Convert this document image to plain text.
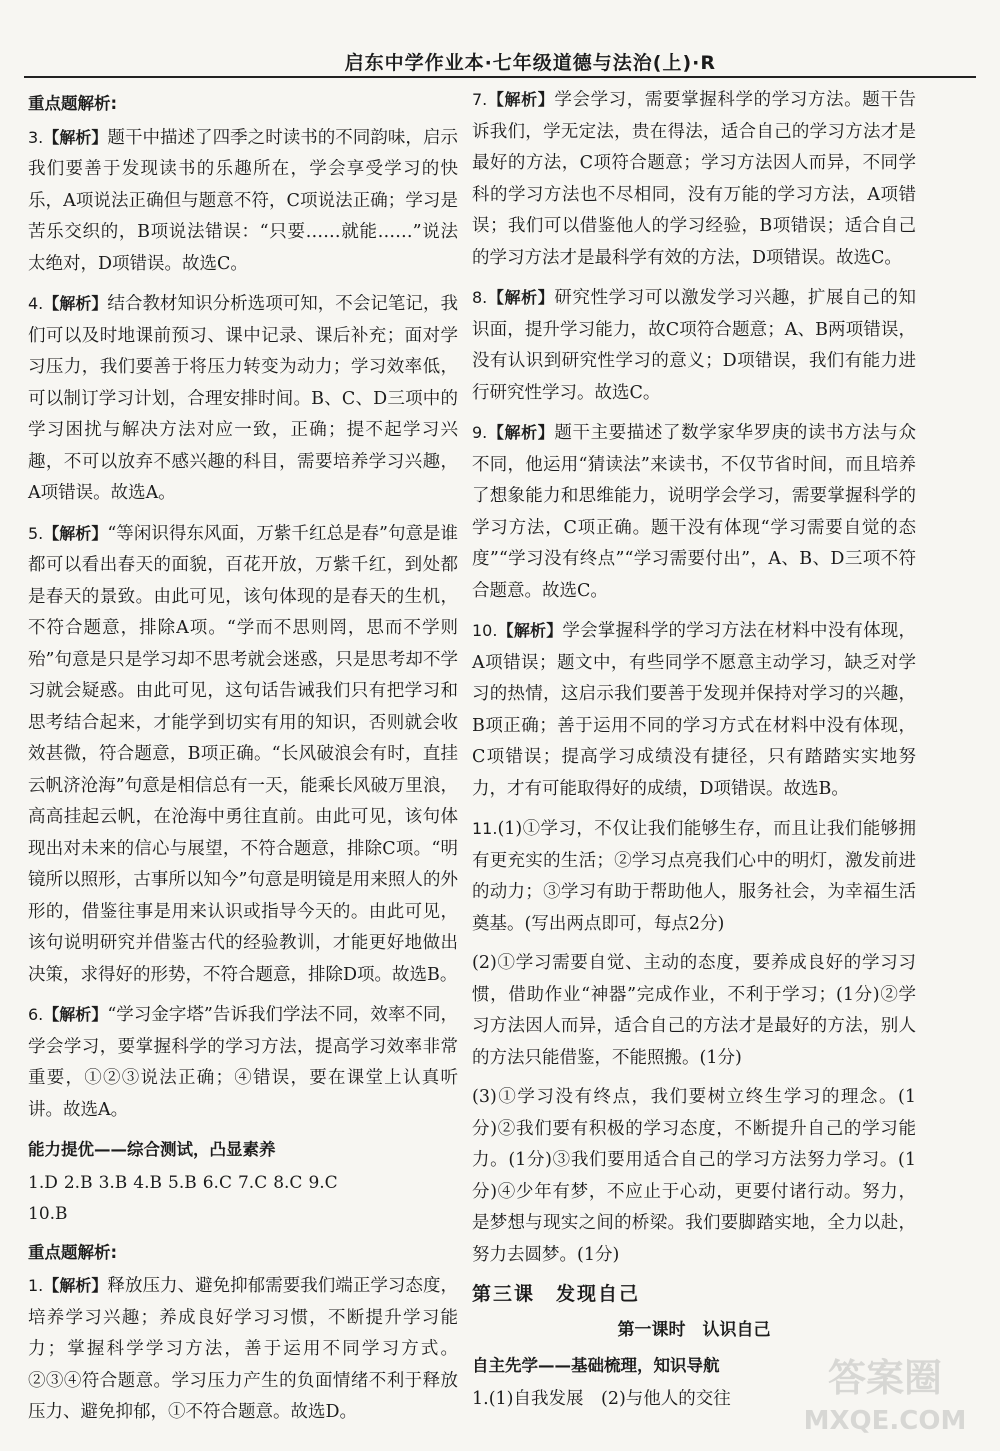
启东中学作业本·七年级道德与法治(上)·R
重点题解析:
3.【解析】题干中描述了四季之时读书的不同韵味，启示我们要善于发现读书的乐趣所在，学会享受学习的快乐，A项说法正确但与题意不符，C项说法正确；学习是苦乐交织的，B项说法错误：“只要……就能……”说法太绝对，D项错误。故选C。
4.【解析】结合教材知识分析选项可知，不会记笔记，我们可以及时地课前预习、课中记录、课后补充；面对学习压力，我们要善于将压力转变为动力；学习效率低，可以制订学习计划，合理安排时间。B、C、D三项中的学习困扰与解决方法对应一致，正确；提不起学习兴趣，不可以放弃不感兴趣的科目，需要培养学习兴趣，A项错误。故选A。
5.【解析】“等闲识得东风面，万紫千红总是春”句意是谁都可以看出春天的面貌，百花开放，万紫千红，到处都是春天的景致。由此可见，该句体现的是春天的生机，不符合题意，排除A项。“学而不思则罔，思而不学则殆”句意是只是学习却不思考就会迷惑，只是思考却不学习就会疑惑。由此可见，这句话告诫我们只有把学习和思考结合起来，才能学到切实有用的知识，否则就会收效甚微，符合题意，B项正确。“长风破浪会有时，直挂云帆济沧海”句意是相信总有一天，能乘长风破万里浪，高高挂起云帆，在沧海中勇往直前。由此可见，该句体现出对未来的信心与展望，不符合题意，排除C项。“明镜所以照形，古事所以知今”句意是明镜是用来照人的外形的，借鉴往事是用来认识或指导今天的。由此可见，该句说明研究并借鉴古代的经验教训，才能更好地做出决策，求得好的形势，不符合题意，排除D项。故选B。
6.【解析】“学习金字塔”告诉我们学法不同，效率不同，学会学习，要掌握科学的学习方法，提高学习效率非常重要，①②③说法正确；④错误，要在课堂上认真听讲。故选A。
能力提优——综合测试，凸显素养
1.D 2.B 3.B 4.B 5.B 6.C 7.C 8.C 9.C
10.B
重点题解析:
1.【解析】释放压力、避免抑郁需要我们端正学习态度，培养学习兴趣；养成良好学习习惯，不断提升学习能力；掌握科学学习方法，善于运用不同学习方式。②③④符合题意。学习压力产生的负面情绪不利于释放压力、避免抑郁，①不符合题意。故选D。
7.【解析】学会学习，需要掌握科学的学习方法。题干告诉我们，学无定法，贵在得法，适合自己的学习方法才是最好的方法，C项符合题意；学习方法因人而异，不同学科的学习方法也不尽相同，没有万能的学习方法，A项错误；我们可以借鉴他人的学习经验，B项错误；适合自己的学习方法才是最科学有效的方法，D项错误。故选C。
8.【解析】研究性学习可以激发学习兴趣，扩展自己的知识面，提升学习能力，故C项符合题意；A、B两项错误，没有认识到研究性学习的意义；D项错误，我们有能力进行研究性学习。故选C。
9.【解析】题干主要描述了数学家华罗庚的读书方法与众不同，他运用“猜读法”来读书，不仅节省时间，而且培养了想象能力和思维能力，说明学会学习，需要掌握科学的学习方法，C项正确。题干没有体现“学习需要自觉的态度”“学习没有终点”“学习需要付出”，A、B、D三项不符合题意。故选C。
10.【解析】学会掌握科学的学习方法在材料中没有体现，A项错误；题文中，有些同学不愿意主动学习，缺乏对学习的热情，这启示我们要善于发现并保持对学习的兴趣，B项正确；善于运用不同的学习方式在材料中没有体现，C项错误；提高学习成绩没有捷径，只有踏踏实实地努力，才有可能取得好的成绩，D项错误。故选B。
11.(1)①学习，不仅让我们能够生存，而且让我们能够拥有更充实的生活；②学习点亮我们心中的明灯，激发前进的动力；③学习有助于帮助他人，服务社会，为幸福生活奠基。(写出两点即可，每点2分)
(2)①学习需要自觉、主动的态度，要养成良好的学习习惯，借助作业“神器”完成作业，不利于学习；(1分)②学习方法因人而异，适合自己的方法才是最好的方法，别人的方法只能借鉴，不能照搬。(1分)
(3)①学习没有终点，我们要树立终生学习的理念。(1分)②我们要有积极的学习态度，不断提升自己的学习能力。(1分)③我们要用适合自己的学习方法努力学习。(1分)④少年有梦，不应止于心动，更要付诸行动。努力，是梦想与现实之间的桥梁。我们要脚踏实地，全力以赴，努力去圆梦。(1分)
第三课　发现自己
第一课时　认识自己
自主先学——基础梳理，知识导航
1.(1)自我发展　(2)与他人的交往	答案圈
MXQE.COM
